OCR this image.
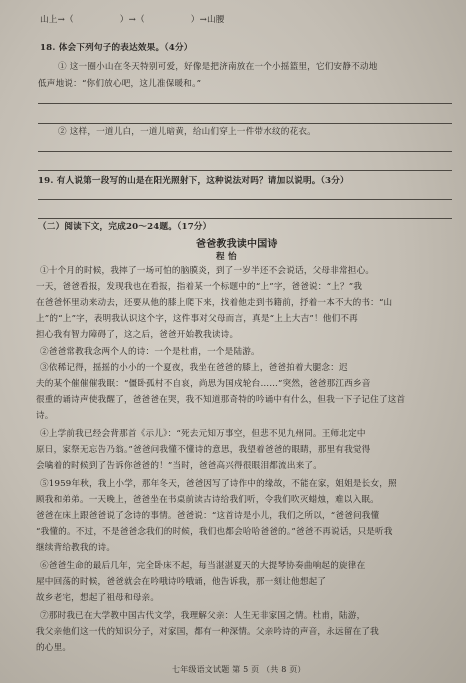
山上→（	）→（	）→山腰
18. 体会下列句子的表达效果。（4分）
① 这一圈小山在冬天特别可爱，好像是把济南放在一个小摇篮里，它们安静不动地
低声地说：“你们放心吧，这儿准保暖和。”
② 这样，一道儿白，一道儿暗黄，给山们穿上一件带水纹的花衣。
19. 有人说第一段写的山是在阳光照射下，这种说法对吗？请加以说明。（3分）
（二）阅读下文，完成20～24题。（17分）
爸爸教我读中国诗
程 怡
①十个月的时候，我摔了一场可怕的脑膜炎，到了一岁半还不会说话，父母非常担心。
一天，爸爸看报，发现我也在看报，指着某一个标题中的“上”字，爸爸说：“上？”我
在爸爸怀里动来动去，还要从他的膝上爬下来，找着他走到书籍前，抒着一本不大的书：“山
上”的“上”字，表明我认识这个字，这件事对父母而言，真是“上上大吉”！他们不再
担心我有智力障碍了，这之后，爸爸开始教我读诗。
②爸爸常教我念两个人的诗：一个是杜甫，一个是陆游。
③依稀记得，摇摇的小小的一个夏夜，我坐在爸爸的膝上，爸爸拍着大腿念：迟
夫的某个催催催我眠：“僵卧孤村不自哀，尚思为国戍轮台……”突然，爸爸那江西乡音
很重的诵诗声使我醒了，爸爸爸在哭，我不知道那奇特的吟诵中有什么，但我一下子记住了这首
诗。
④上学前我已经会背那首《示儿》：“死去元知万事空，但悲不见九州同。王师北定中
原日，家祭无忘告乃翁。”爸爸问我懂不懂诗的意思，我望着爸爸的眼睛，那里有我觉得
会噙着的时候到了告诉你爸爸的！”当时，爸爸高兴得很眼泪都流出来了。
⑤1959年秋，我上小学，那年冬天，爸爸因写了诗作中的缘故，不能在家，姐姐是长女，照
顾我和弟弟。一天晚上，爸爸坐在书桌前读古诗给我们听，令我们吹灭蜡烛，难以入眠。
爸爸在床上跟爸爸说了念诗的事情。爸爸说：“这首诗是小儿，我们之所以，“爸爸问我懂
“我懂的。不过，不是爸爸念我们的时候，我们也都会哈哈爸爸的。”爸爸不再说话，只是听我
继续背给教我的诗。
⑥爸爸生命的最后几年，完全卧床不起，每当湛湛夏天的大提琴协奏曲响起的旋律在
屋中回荡的时候，爸爸就会在吟哦诗吟哦诵，他告诉我，那一刻让他想起了
故乡老宅，想起了祖母和母亲。
⑦那时我已在大学教中国古代文学，我理解父亲：人生无非家国之情。杜甫，陆游，
我父亲他们这一代的知识分子，对家国，都有一种深情。父亲吟诗的声音，永远留在了我
的心里。
七年级语文试题 第 5 页 （共 8 页）
